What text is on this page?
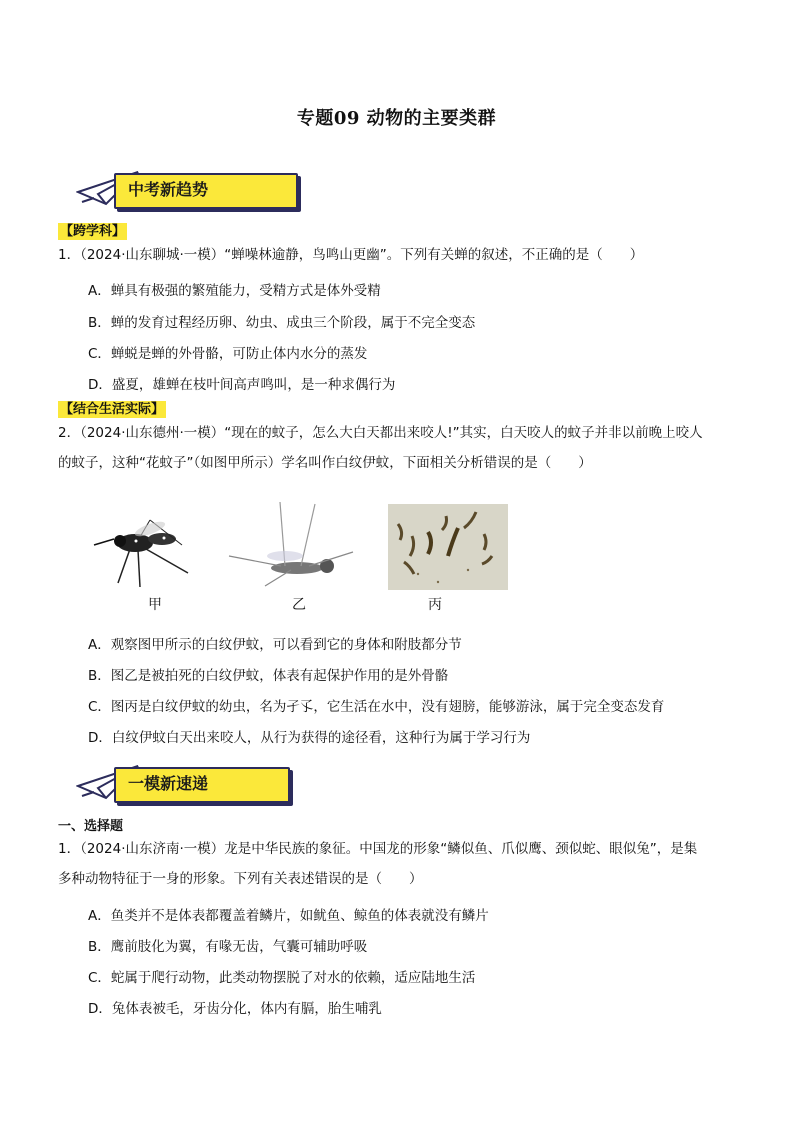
专题09 动物的主要类群
中考新趋势
【跨学科】
1．（2024·山东聊城·一模）“蝉噪林逾静，鸟鸣山更幽”。下列有关蝉的叙述，不正确的是（　　）
A．蝉具有极强的繁殖能力，受精方式是体外受精
B．蝉的发育过程经历卵、幼虫、成虫三个阶段，属于不完全变态
C．蝉蜕是蝉的外骨骼，可防止体内水分的蒸发
D．盛夏，雄蝉在枝叶间高声鸣叫，是一种求偶行为
【结合生活实际】
2．（2024·山东德州·一模）“现在的蚊子，怎么大白天都出来咬人!”其实，白天咬人的蚊子并非以前晚上咬人
的蚊子，这种“花蚊子”（如图甲所示）学名叫作白纹伊蚊，下面相关分析错误的是（　　）
甲	乙	丙
A．观察图甲所示的白纹伊蚊，可以看到它的身体和附肢都分节
B．图乙是被拍死的白纹伊蚊，体表有起保护作用的是外骨骼
C．图丙是白纹伊蚊的幼虫，名为孑孓，它生活在水中，没有翅膀，能够游泳，属于完全变态发育
D．白纹伊蚊白天出来咬人，从行为获得的途径看，这种行为属于学习行为
一模新速递
一、选择题
1．（2024·山东济南·一模）龙是中华民族的象征。中国龙的形象“鳞似鱼、爪似鹰、颈似蛇、眼似兔”，是集
多种动物特征于一身的形象。下列有关表述错误的是（　　）
A．鱼类并不是体表都覆盖着鳞片，如鱿鱼、鲸鱼的体表就没有鳞片
B．鹰前肢化为翼，有喙无齿，气囊可辅助呼吸
C．蛇属于爬行动物，此类动物摆脱了对水的依赖，适应陆地生活
D．兔体表被毛，牙齿分化，体内有膈，胎生哺乳
